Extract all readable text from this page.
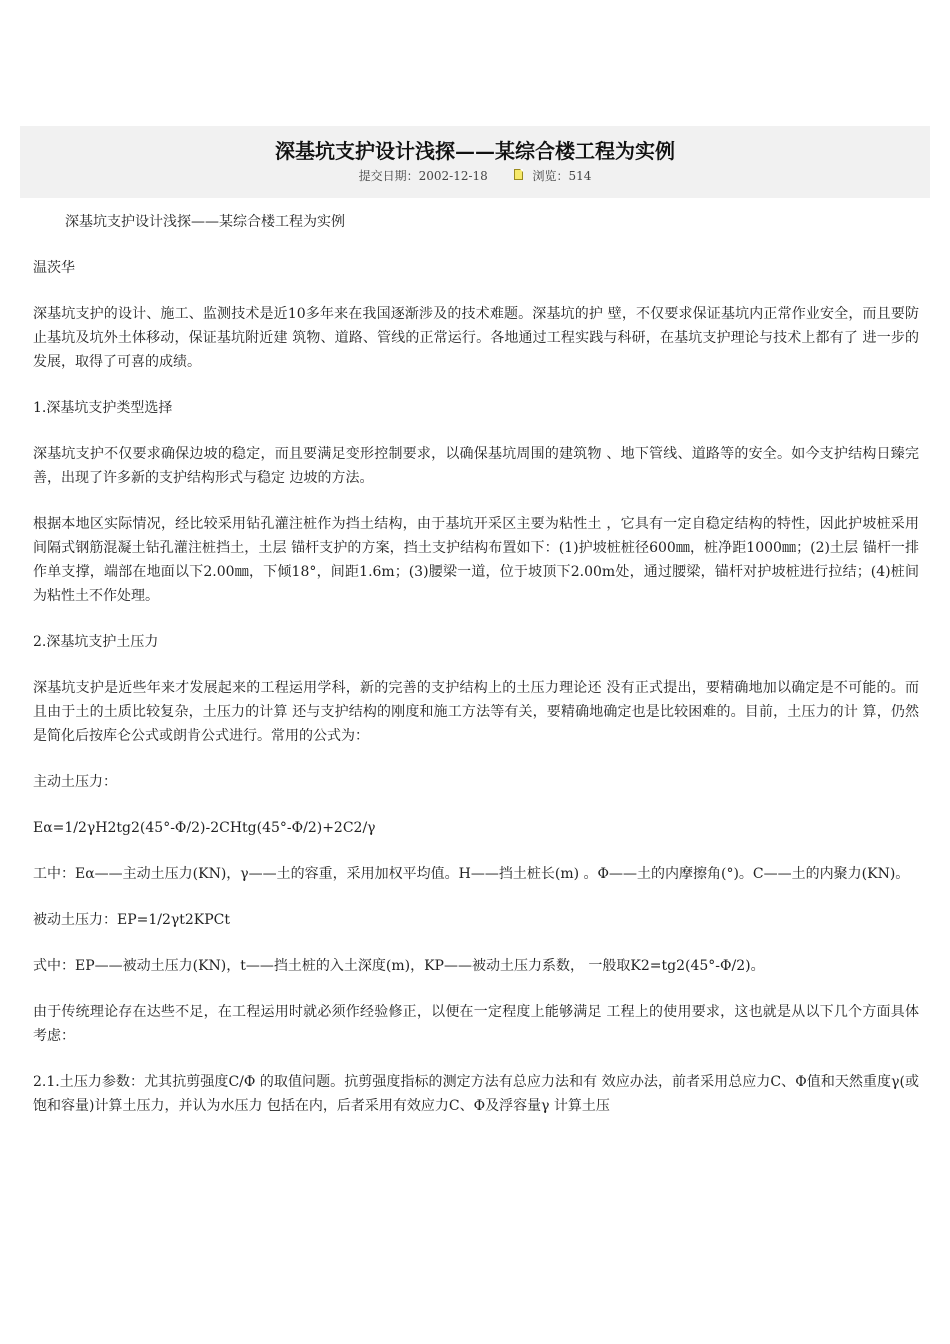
深基坑支护设计浅探——某综合楼工程为实例
提交日期：2002-12-18	浏览：514

深基坑支护设计浅探——某综合楼工程为实例

温茨华

深基坑支护的设计、施工、监测技术是近10多年来在我国逐渐涉及的技术难题。深基坑的护 壁，不仅要求保证基坑内正常作业安全，而且要防止基坑及坑外土体移动，保证基坑附近建 筑物、道路、管线的正常运行。各地通过工程实践与科研，在基坑支护理论与技术上都有了 进一步的发展，取得了可喜的成绩。

1.深基坑支护类型选择

深基坑支护不仅要求确保边坡的稳定，而且要满足变形控制要求，以确保基坑周围的建筑物 、地下管线、道路等的安全。如今支护结构日臻完善，出现了许多新的支护结构形式与稳定 边坡的方法。

根据本地区实际情况，经比较采用钻孔灌注桩作为挡土结构，由于基坑开采区主要为粘性土 ，它具有一定自稳定结构的特性，因此护坡桩采用间隔式钢筋混凝土钻孔灌注桩挡土，土层 锚杆支护的方案，挡土支护结构布置如下：(1)护坡桩桩径600㎜，桩净距1000㎜；(2)土层 锚杆一排作单支撑，端部在地面以下2.00㎜，下倾18°，间距1.6m；(3)腰梁一道，位于坡顶下2.00m处，通过腰梁，锚杆对护坡桩进行拉结；(4)桩间为粘性土不作处理。

2.深基坑支护土压力

深基坑支护是近些年来才发展起来的工程运用学科，新的完善的支护结构上的土压力理论还 没有正式提出，要精确地加以确定是不可能的。而且由于土的土质比较复杂，土压力的计算 还与支护结构的刚度和施工方法等有关，要精确地确定也是比较困难的。目前，土压力的计 算，仍然是简化后按库仑公式或朗肯公式进行。常用的公式为：

主动土压力：

Eα=1/2γH2tg2(45°-Φ/2)-2CHtg(45°-Φ/2)+2C2/γ

工中：Eα——主动土压力(KN)，γ——土的容重，采用加权平均值。H——挡土桩长(m) 。Φ——土的内摩擦角(°)。C——土的内聚力(KN)。

被动土压力：EP=1/2γt2KPCt

式中：EP——被动土压力(KN)，t——挡土桩的入土深度(m)，KP——被动土压力系数， 一般取K2=tg2(45°-Φ/2)。

由于传统理论存在达些不足，在工程运用时就必须作经验修正，以便在一定程度上能够满足 工程上的使用要求，这也就是从以下几个方面具体考虑：

2.1.土压力参数：尤其抗剪强度C/Φ 的取值问题。抗剪强度指标的测定方法有总应力法和有 效应办法，前者采用总应力C、Φ值和天然重度γ(或饱和容量)计算土压力，并认为水压力 包括在内，后者采用有效应力C、Φ及浮容量γ 计算土压
